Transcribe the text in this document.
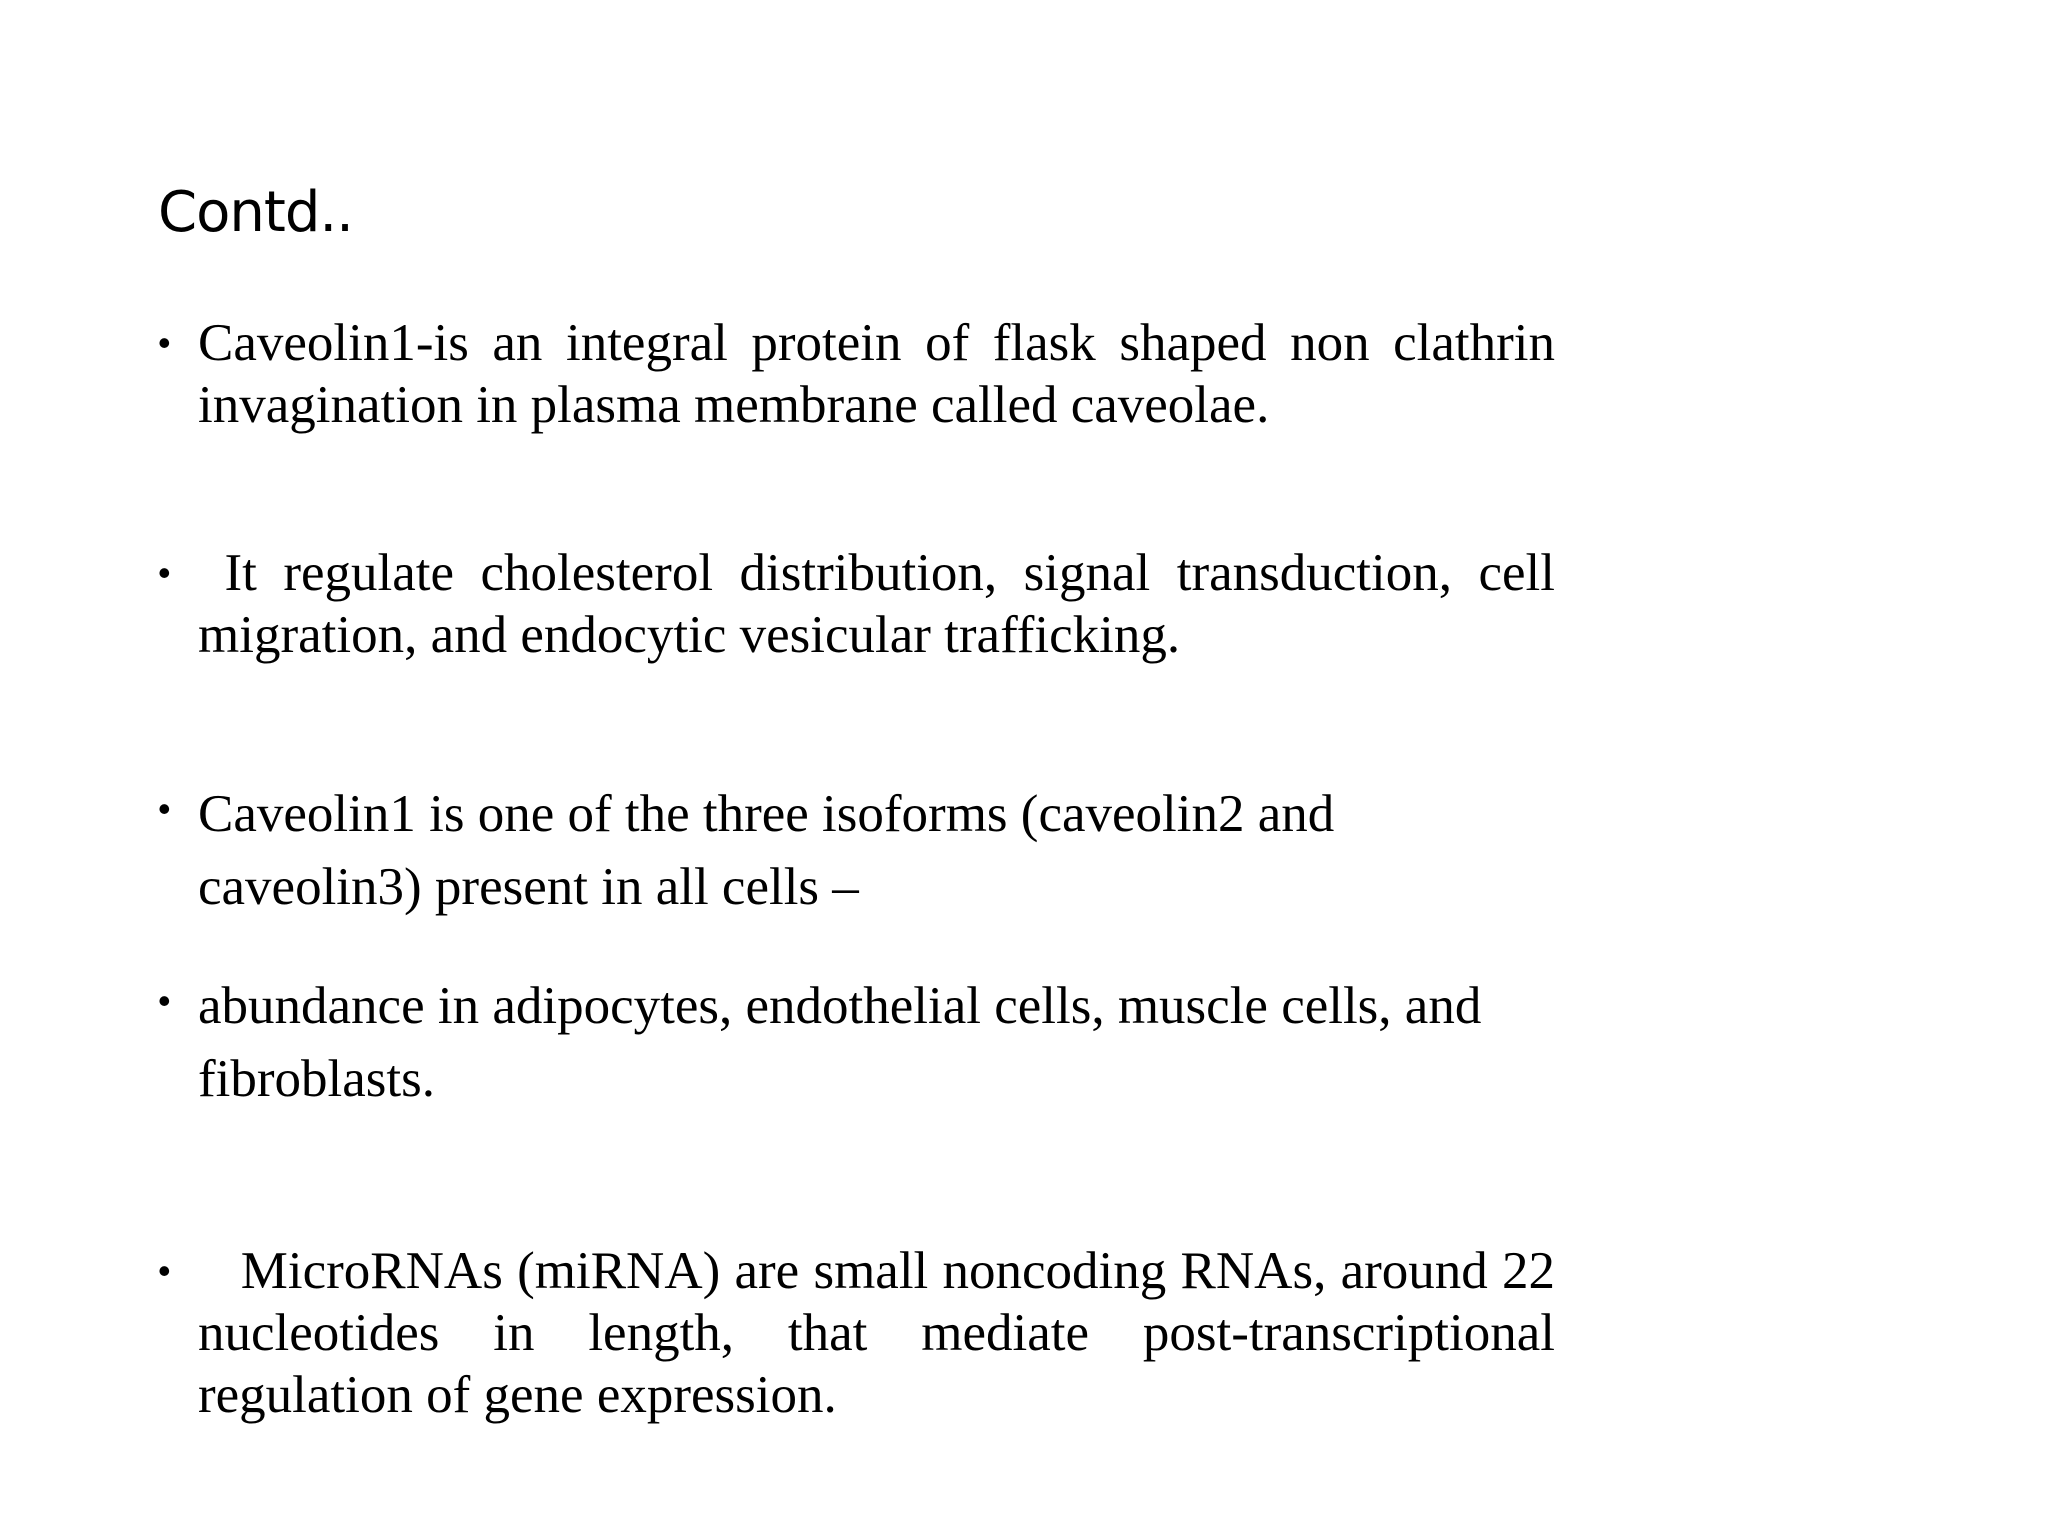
Contd..
• Caveolin1-is an integral protein of flask shaped non clathrin invagination in plasma membrane called caveolae.
• It regulate cholesterol distribution, signal transduction, cell migration, and endocytic vesicular trafficking.
• Caveolin1 is one of the three isoforms (caveolin2 and caveolin3) present in all cells –
• abundance in adipocytes, endothelial cells, muscle cells, and fibroblasts.
• MicroRNAs (miRNA) are small noncoding RNAs, around 22 nucleotides in length, that mediate post-transcriptional regulation of gene expression.
